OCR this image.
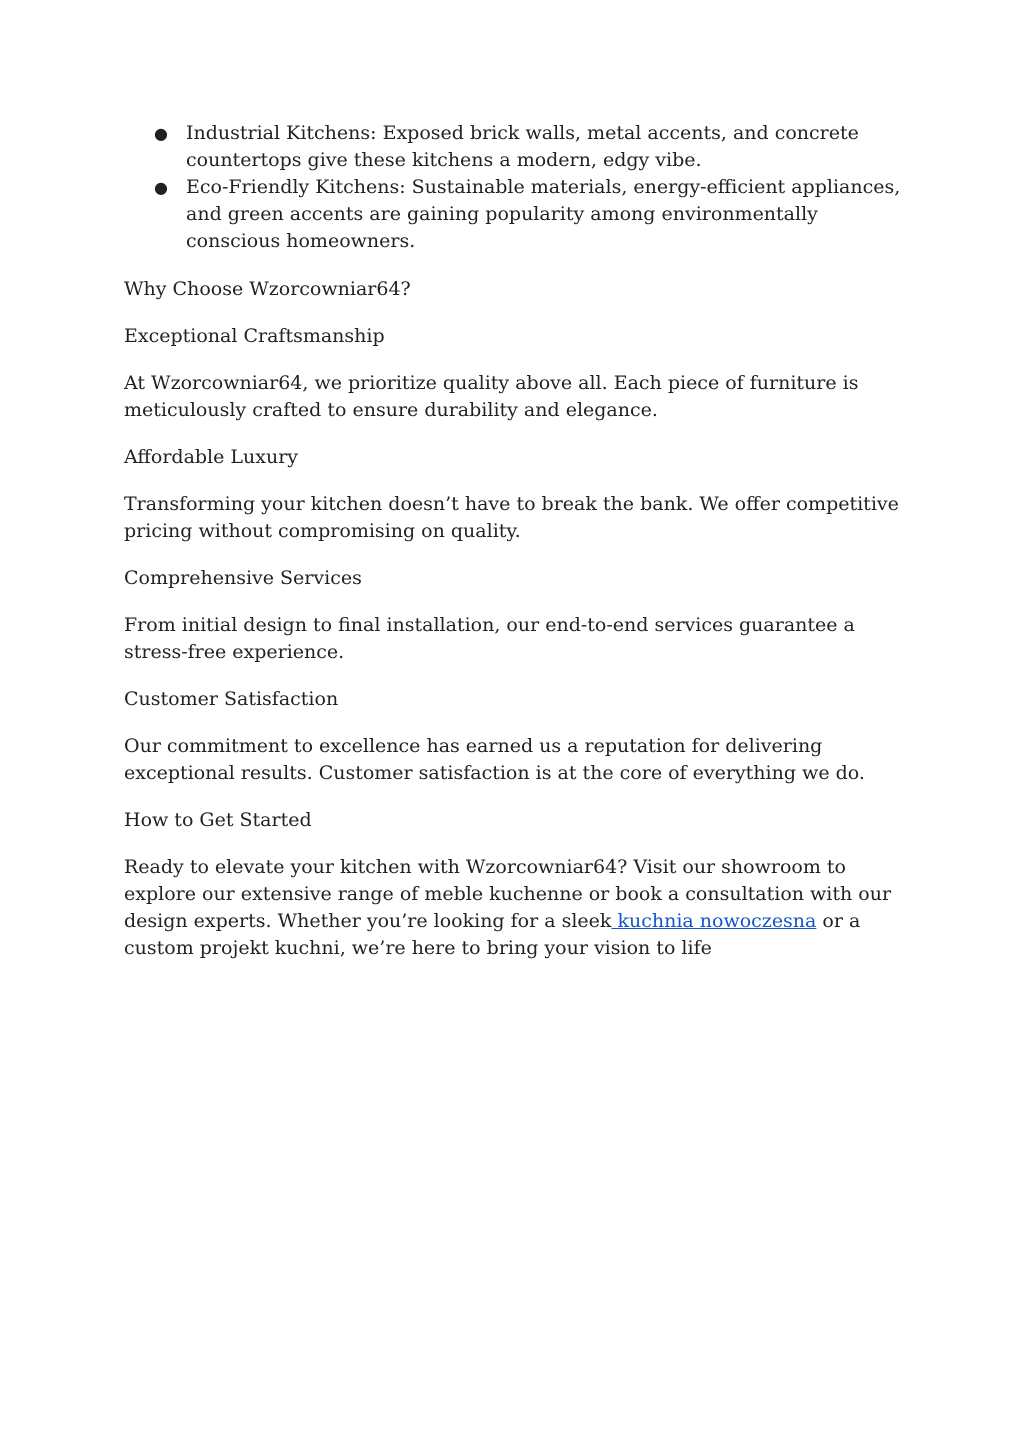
● Industrial Kitchens: Exposed brick walls, metal accents, and concrete countertops give these kitchens a modern, edgy vibe.
● Eco-Friendly Kitchens: Sustainable materials, energy-efficient appliances, and green accents are gaining popularity among environmentally conscious homeowners.

Why Choose Wzorcowniar64?

Exceptional Craftsmanship

At Wzorcowniar64, we prioritize quality above all. Each piece of furniture is meticulously crafted to ensure durability and elegance.

Affordable Luxury

Transforming your kitchen doesn’t have to break the bank. We offer competitive pricing without compromising on quality.

Comprehensive Services

From initial design to final installation, our end-to-end services guarantee a stress-free experience.

Customer Satisfaction

Our commitment to excellence has earned us a reputation for delivering exceptional results. Customer satisfaction is at the core of everything we do.

How to Get Started

Ready to elevate your kitchen with Wzorcowniar64? Visit our showroom to explore our extensive range of meble kuchenne or book a consultation with our design experts. Whether you’re looking for a sleek kuchnia nowoczesna or a custom projekt kuchni, we’re here to bring your vision to life
